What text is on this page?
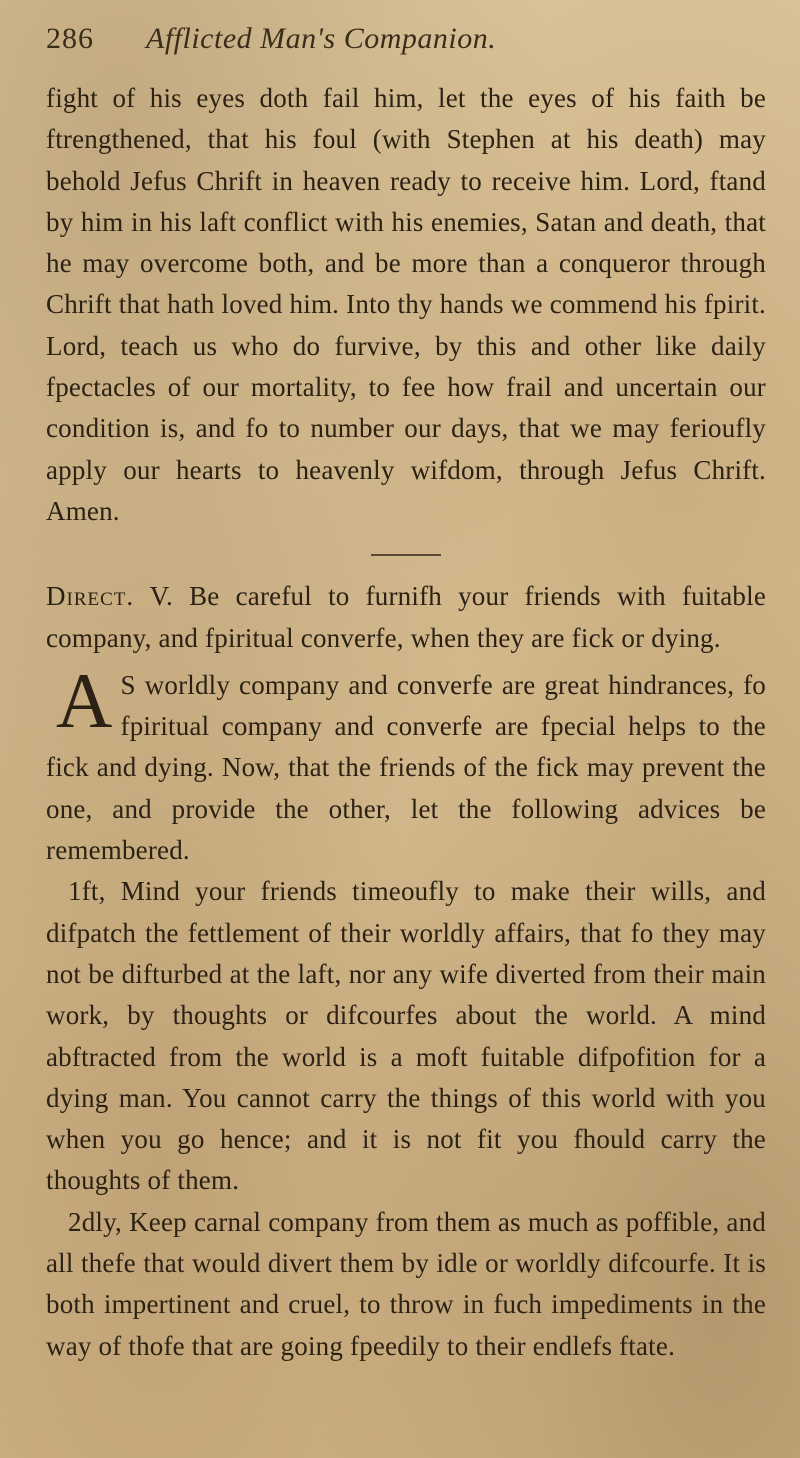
286	Afflicted Man's Companion.

fight of his eyes doth fail him, let the eyes of his faith be ftrengthened, that his foul (with Stephen at his death) may behold Jefus Chrift in heaven ready to receive him. Lord, ftand by him in his laft conflict with his enemies, Satan and death, that he may overcome both, and be more than a conqueror through Chrift that hath loved him. Into thy hands we commend his fpirit. Lord, teach us who do furvive, by this and other like daily fpectacles of our mortality, to fee how frail and uncertain our condition is, and fo to number our days, that we may ferioufly apply our hearts to heavenly wifdom, through Jefus Chrift. Amen.

Direct. V. Be careful to furnifh your friends with fuitable company, and fpiritual converfe, when they are fick or dying.

A S worldly company and converfe are great hindrances, fo fpiritual company and converfe are fpecial helps to the fick and dying. Now, that the friends of the fick may prevent the one, and provide the other, let the following advices be remembered.

1ft, Mind your friends timeoufly to make their wills, and difpatch the fettlement of their worldly affairs, that fo they may not be difturbed at the laft, nor any wife diverted from their main work, by thoughts or difcourfes about the world. A mind abftracted from the world is a moft fuitable difpofition for a dying man. You cannot carry the things of this world with you when you go hence; and it is not fit you fhould carry the thoughts of them.

2dly, Keep carnal company from them as much as poffible, and all thefe that would divert them by idle or worldly difcourfe. It is both impertinent and cruel, to throw in fuch impediments in the way of thofe that are going fpeedily to their endlefs ftate.
